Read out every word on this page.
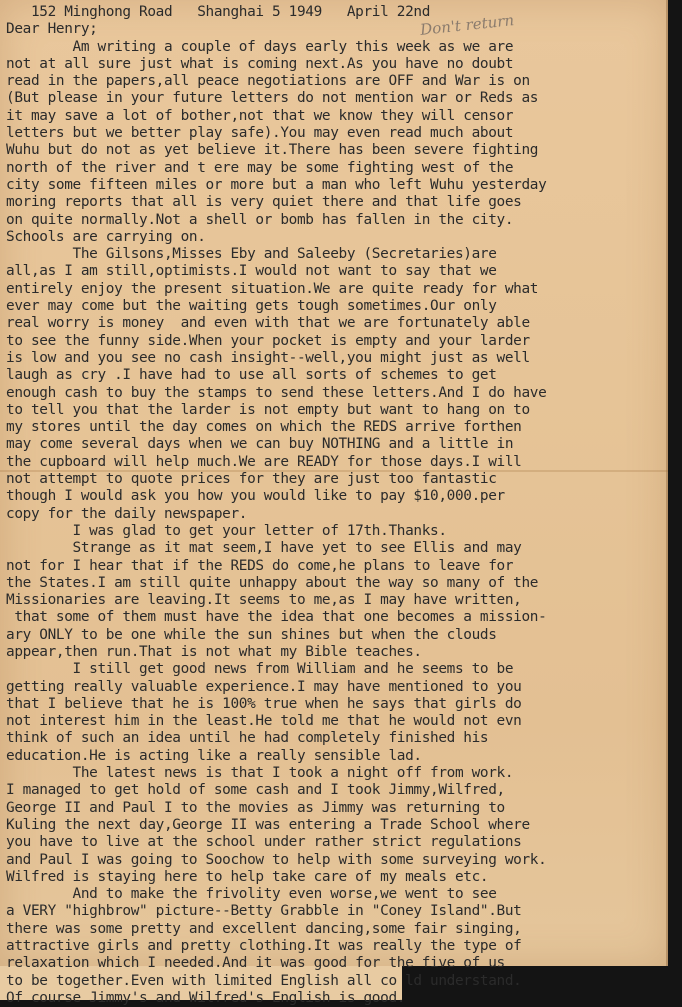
Don't return
152 Minghong Road   Shanghai 5 1949   April 22nd
Dear Henry;
Am writing a couple of days early this week as we are
not at all sure just what is coming next.As you have no doubt
read in the papers,all peace negotiations are OFF and War is on
(But please in your future letters do not mention war or Reds as
it may save a lot of bother,not that we know they will censor
letters but we better play safe).You may even read much about
Wuhu but do not as yet believe it.There has been severe fighting
north of the river and t ere may be some fighting west of the
city some fifteen miles or more but a man who left Wuhu yesterday
moring reports that all is very quiet there and that life goes
on quite normally.Not a shell or bomb has fallen in the city.
Schools are carrying on.
The Gilsons,Misses Eby and Saleeby (Secretaries)are
all,as I am still,optimists.I would not want to say that we
entirely enjoy the present situation.We are quite ready for what
ever may come but the waiting gets tough sometimes.Our only
real worry is money  and even with that we are fortunately able
to see the funny side.When your pocket is empty and your larder
is low and you see no cash insight--well,you might just as well
laugh as cry .I have had to use all sorts of schemes to get
enough cash to buy the stamps to send these letters.And I do have
to tell you that the larder is not empty but want to hang on to
my stores until the day comes on which the REDS arrive forthen
may come several days when we can buy NOTHING and a little in
the cupboard will help much.We are READY for those days.I will
not attempt to quote prices for they are just too fantastic
though I would ask you how you would like to pay $10,000.per
copy for the daily newspaper.
I was glad to get your letter of 17th.Thanks.
Strange as it mat seem,I have yet to see Ellis and may
not for I hear that if the REDS do come,he plans to leave for
the States.I am still quite unhappy about the way so many of the
Missionaries are leaving.It seems to me,as I may have written,
that some of them must have the idea that one becomes a mission-
ary ONLY to be one while the sun shines but when the clouds
appear,then run.That is not what my Bible teaches.
I still get good news from William and he seems to be
getting really valuable experience.I may have mentioned to you
that I believe that he is 100% true when he says that girls do
not interest him in the least.He told me that he would not evn
think of such an idea until he had completely finished his
education.He is acting like a really sensible lad.
The latest news is that I took a night off from work.
I managed to get hold of some cash and I took Jimmy,Wilfred,
George II and Paul I to the movies as Jimmy was returning to
Kuling the next day,George II was entering a Trade School where
you have to live at the school under rather strict regulations
and Paul I was going to Soochow to help with some surveying work.
Wilfred is staying here to help take care of my meals etc.
And to make the frivolity even worse,we went to see
a VERY "highbrow" picture--Betty Grabble in "Coney Island".But
there was some pretty and excellent dancing,some fair singing,
attractive girls and pretty clothing.It was really the type of
relaxation which I needed.And it was good for the five of us
to be together.Even with limited English all co ld understand.
Of course Jimmy's and Wilfred's English is good.
